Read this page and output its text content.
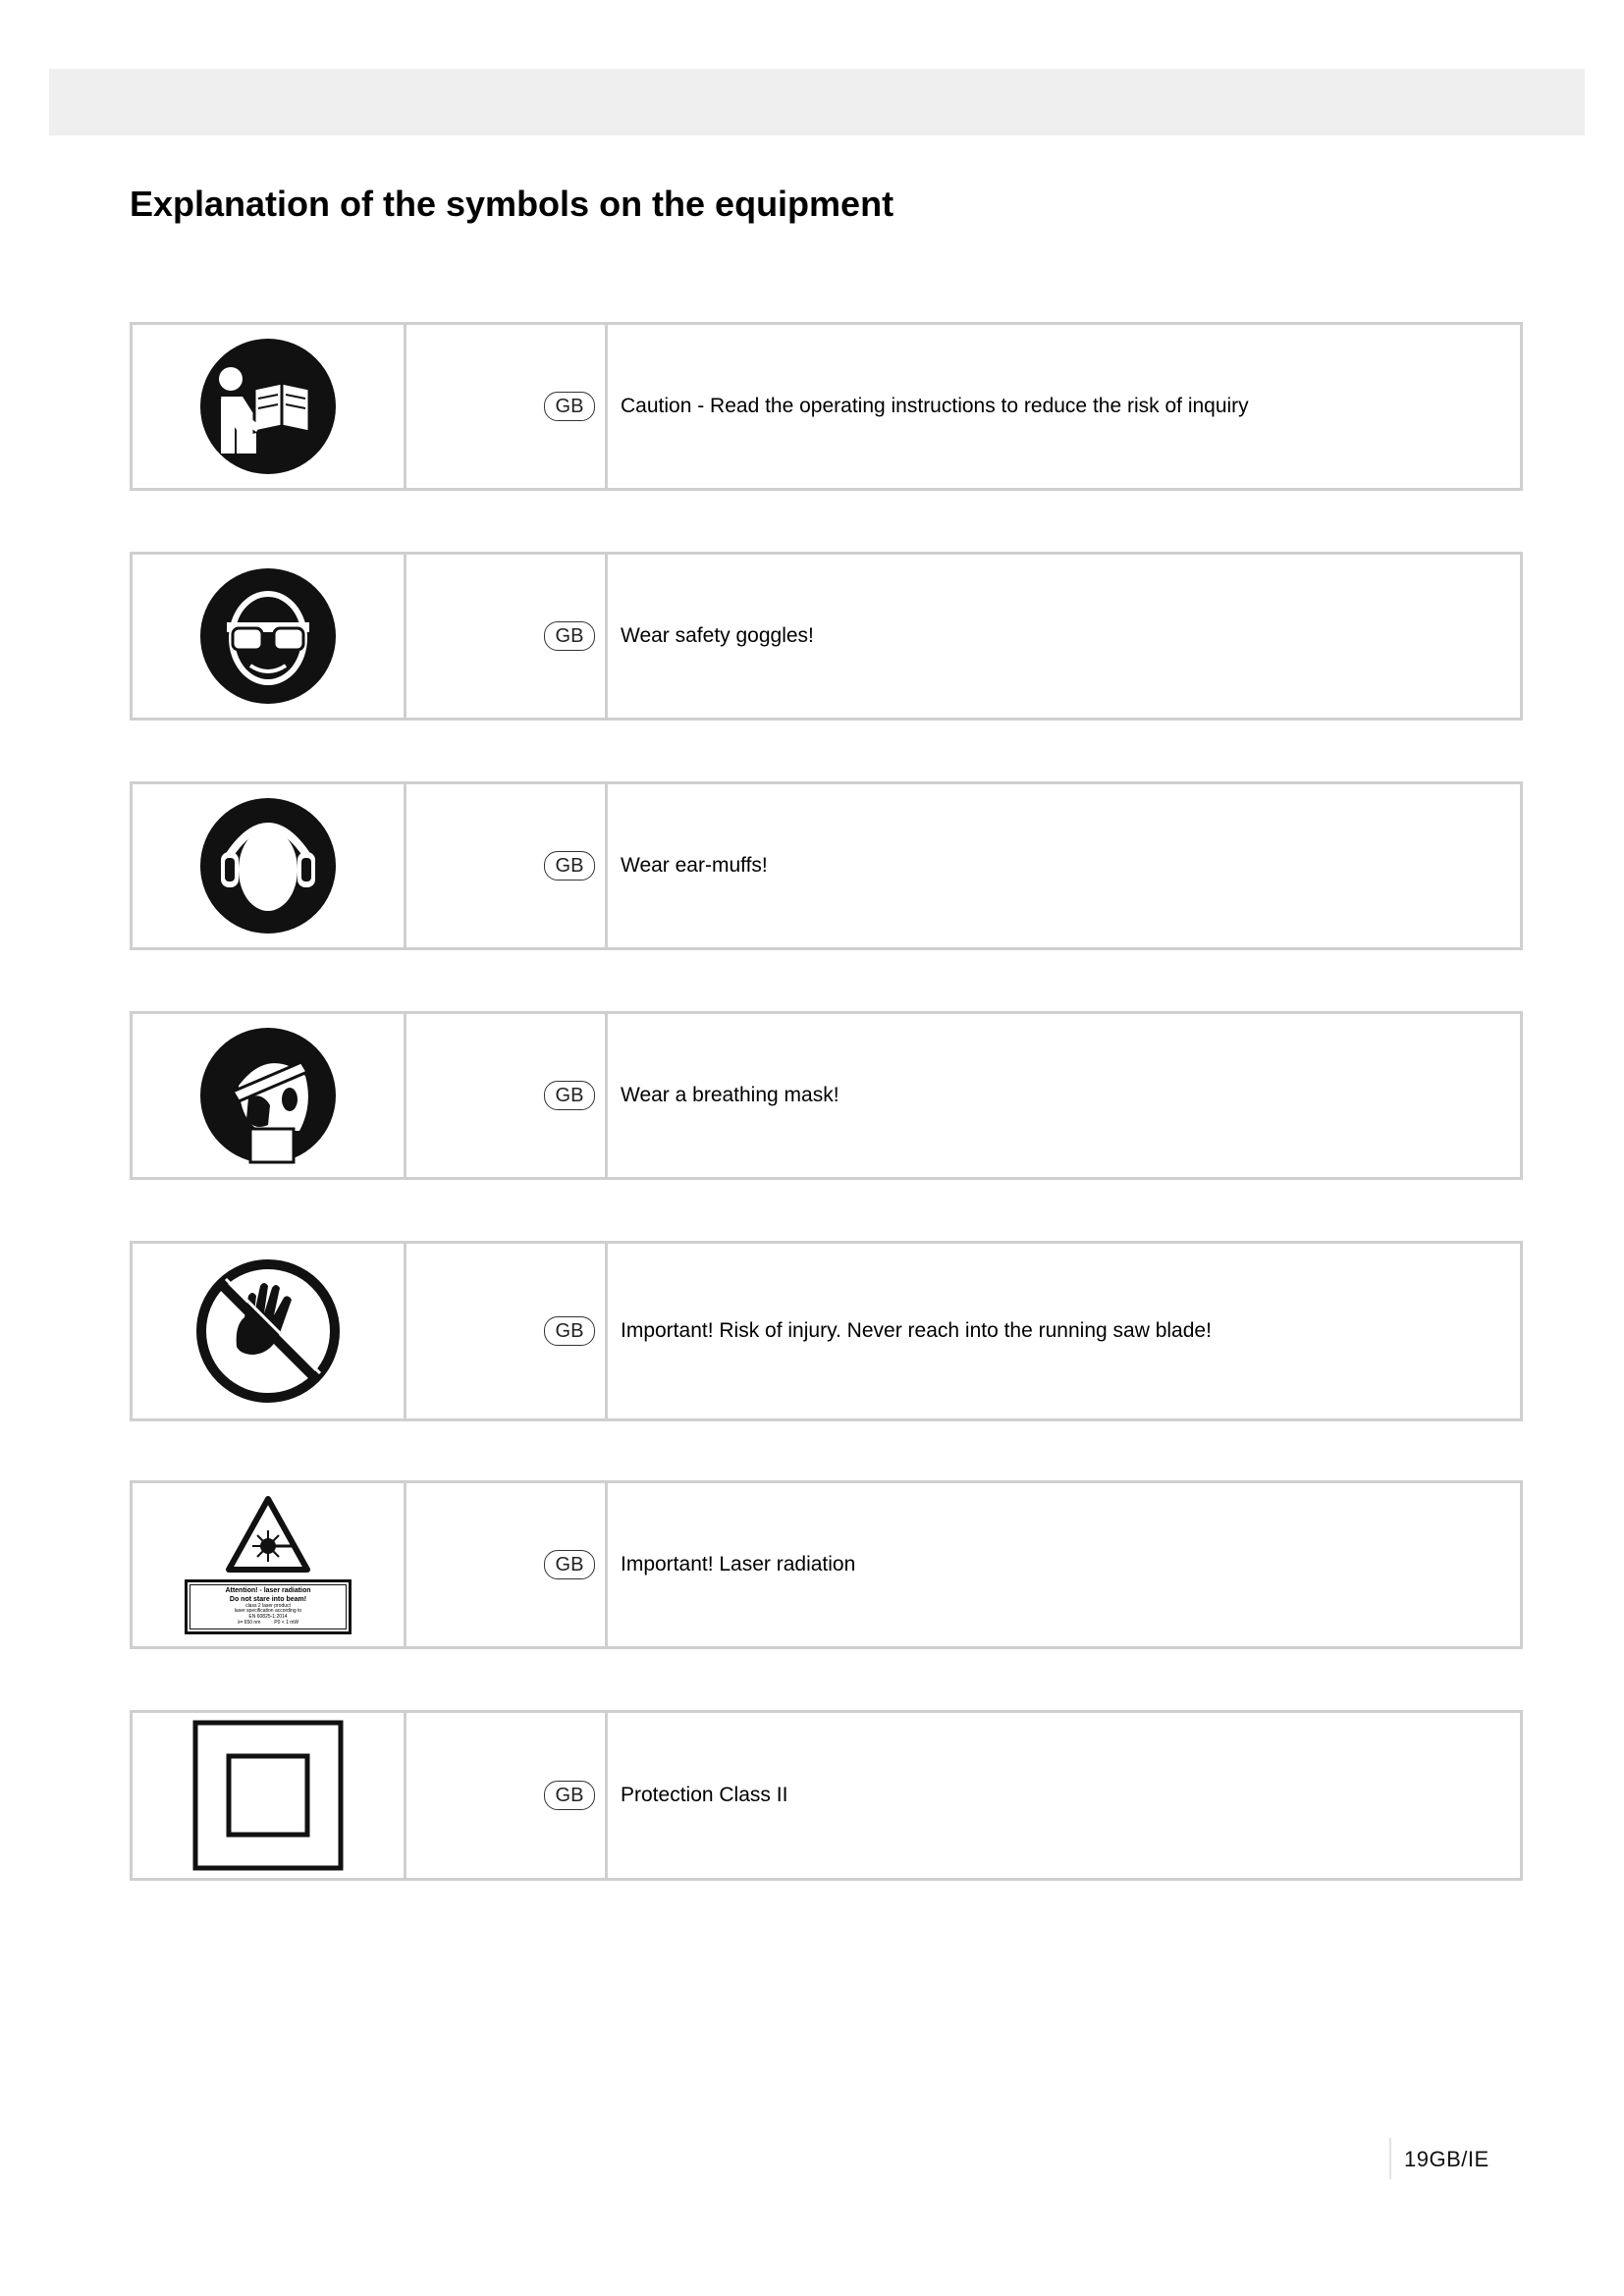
Explanation of the symbols on the equipment
GB	Caution - Read the operating instructions to reduce the risk of inquiry
GB	Wear safety goggles!
GB	Wear ear-muffs!
GB	Wear a breathing mask!
GB	Important! Risk of injury. Never reach into the running saw blade!
Attention! - laser radiation
Do not stare into beam!
class 2 laser product
laser specification according to
EN 60825-1:2014
λ= 650 nm          P0 < 1 mW
GB	Important! Laser radiation
GB	Protection Class II
19GB/IE
